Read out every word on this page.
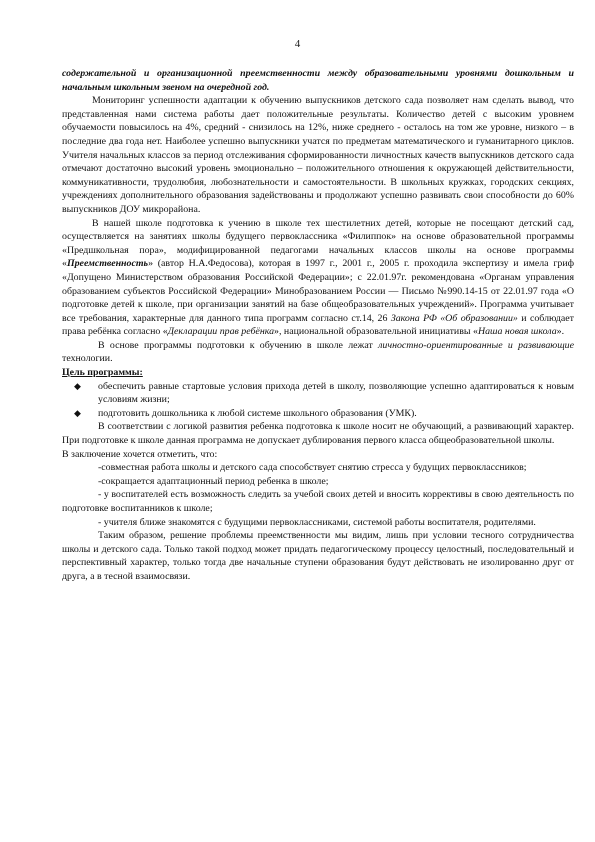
4

содержательной и организационной преемственности между образовательными уровнями дошкольным и начальным школьным звеном на очередной год.

Мониторинг успешности адаптации к обучению выпускников детского сада позволяет нам сделать вывод, что представленная нами система работы дает положительные результаты. Количество детей с высоким уровнем обучаемости повысилось на 4%, средний - снизилось на 12%, ниже среднего - осталось на том же уровне, низкого – в последние два года нет. Наиболее успешно выпускники учатся по предметам математического и гуманитарного циклов. Учителя начальных классов за период отслеживания сформированности личностных качеств выпускников детского сада отмечают достаточно высокий уровень эмоционально – положительного отношения к окружающей действительности, коммуникативности, трудолюбия, любознательности и самостоятельности. В школьных кружках, городских секциях, учреждениях дополнительного образования задействованы и продолжают успешно развивать свои способности до 60% выпускников ДОУ микрорайона.

В нашей школе подготовка к учению в школе тех шестилетних детей, которые не посещают детский сад, осуществляется на занятиях школы будущего первоклассника «Филиппок» на основе образовательной программы «Предшкольная пора», модифицированной педагогами начальных классов школы на основе программы «Преемственность» (автор Н.А.Федосова), которая в 1997 г., 2001 г., 2005 г. проходила экспертизу и имела гриф «Допущено Министерством образования Российской Федерации»; с 22.01.97г. рекомендована «Органам управления образованием субъектов Российской Федерации» Минобразованием России — Письмо №990.14-15 от 22.01.97 года «О подготовке детей к школе, при организации занятий на базе общеобразовательных учреждений». Программа учитывает все требования, характерные для данного типа программ согласно ст.14, 26 Закона РФ «Об образовании» и соблюдает права ребёнка согласно «Декларации прав ребёнка», национальной образовательной инициативы «Наша новая школа».

В основе программы подготовки к обучению в школе лежат личностно-ориентированные и развивающие технологии.

Цель программы:

◆ обеспечить равные стартовые условия прихода детей в школу, позволяющие успешно адаптироваться к новым условиям жизни;
◆ подготовить дошкольника к любой системе школьного образования (УМК).

В соответствии с логикой развития ребенка подготовка к школе носит не обучающий, а развивающий характер. При подготовке к школе данная программа не допускает дублирования первого класса общеобразовательной школы.

В заключение хочется отметить, что:

-совместная работа школы и детского сада способствует снятию стресса у будущих первоклассников;

-сокращается адаптационный период ребенка в школе;

- у воспитателей есть возможность следить за учебой своих детей и вносить коррективы в свою деятельность по подготовке воспитанников к школе;

- учителя ближе знакомятся с будущими первоклассниками, системой работы воспитателя, родителями.

Таким образом, решение проблемы преемственности мы видим, лишь при условии тесного сотрудничества школы и детского сада. Только такой подход может придать педагогическому процессу целостный, последовательный и перспективный характер, только тогда две начальные ступени образования будут действовать не изолированно друг от друга, а в тесной взаимосвязи.
